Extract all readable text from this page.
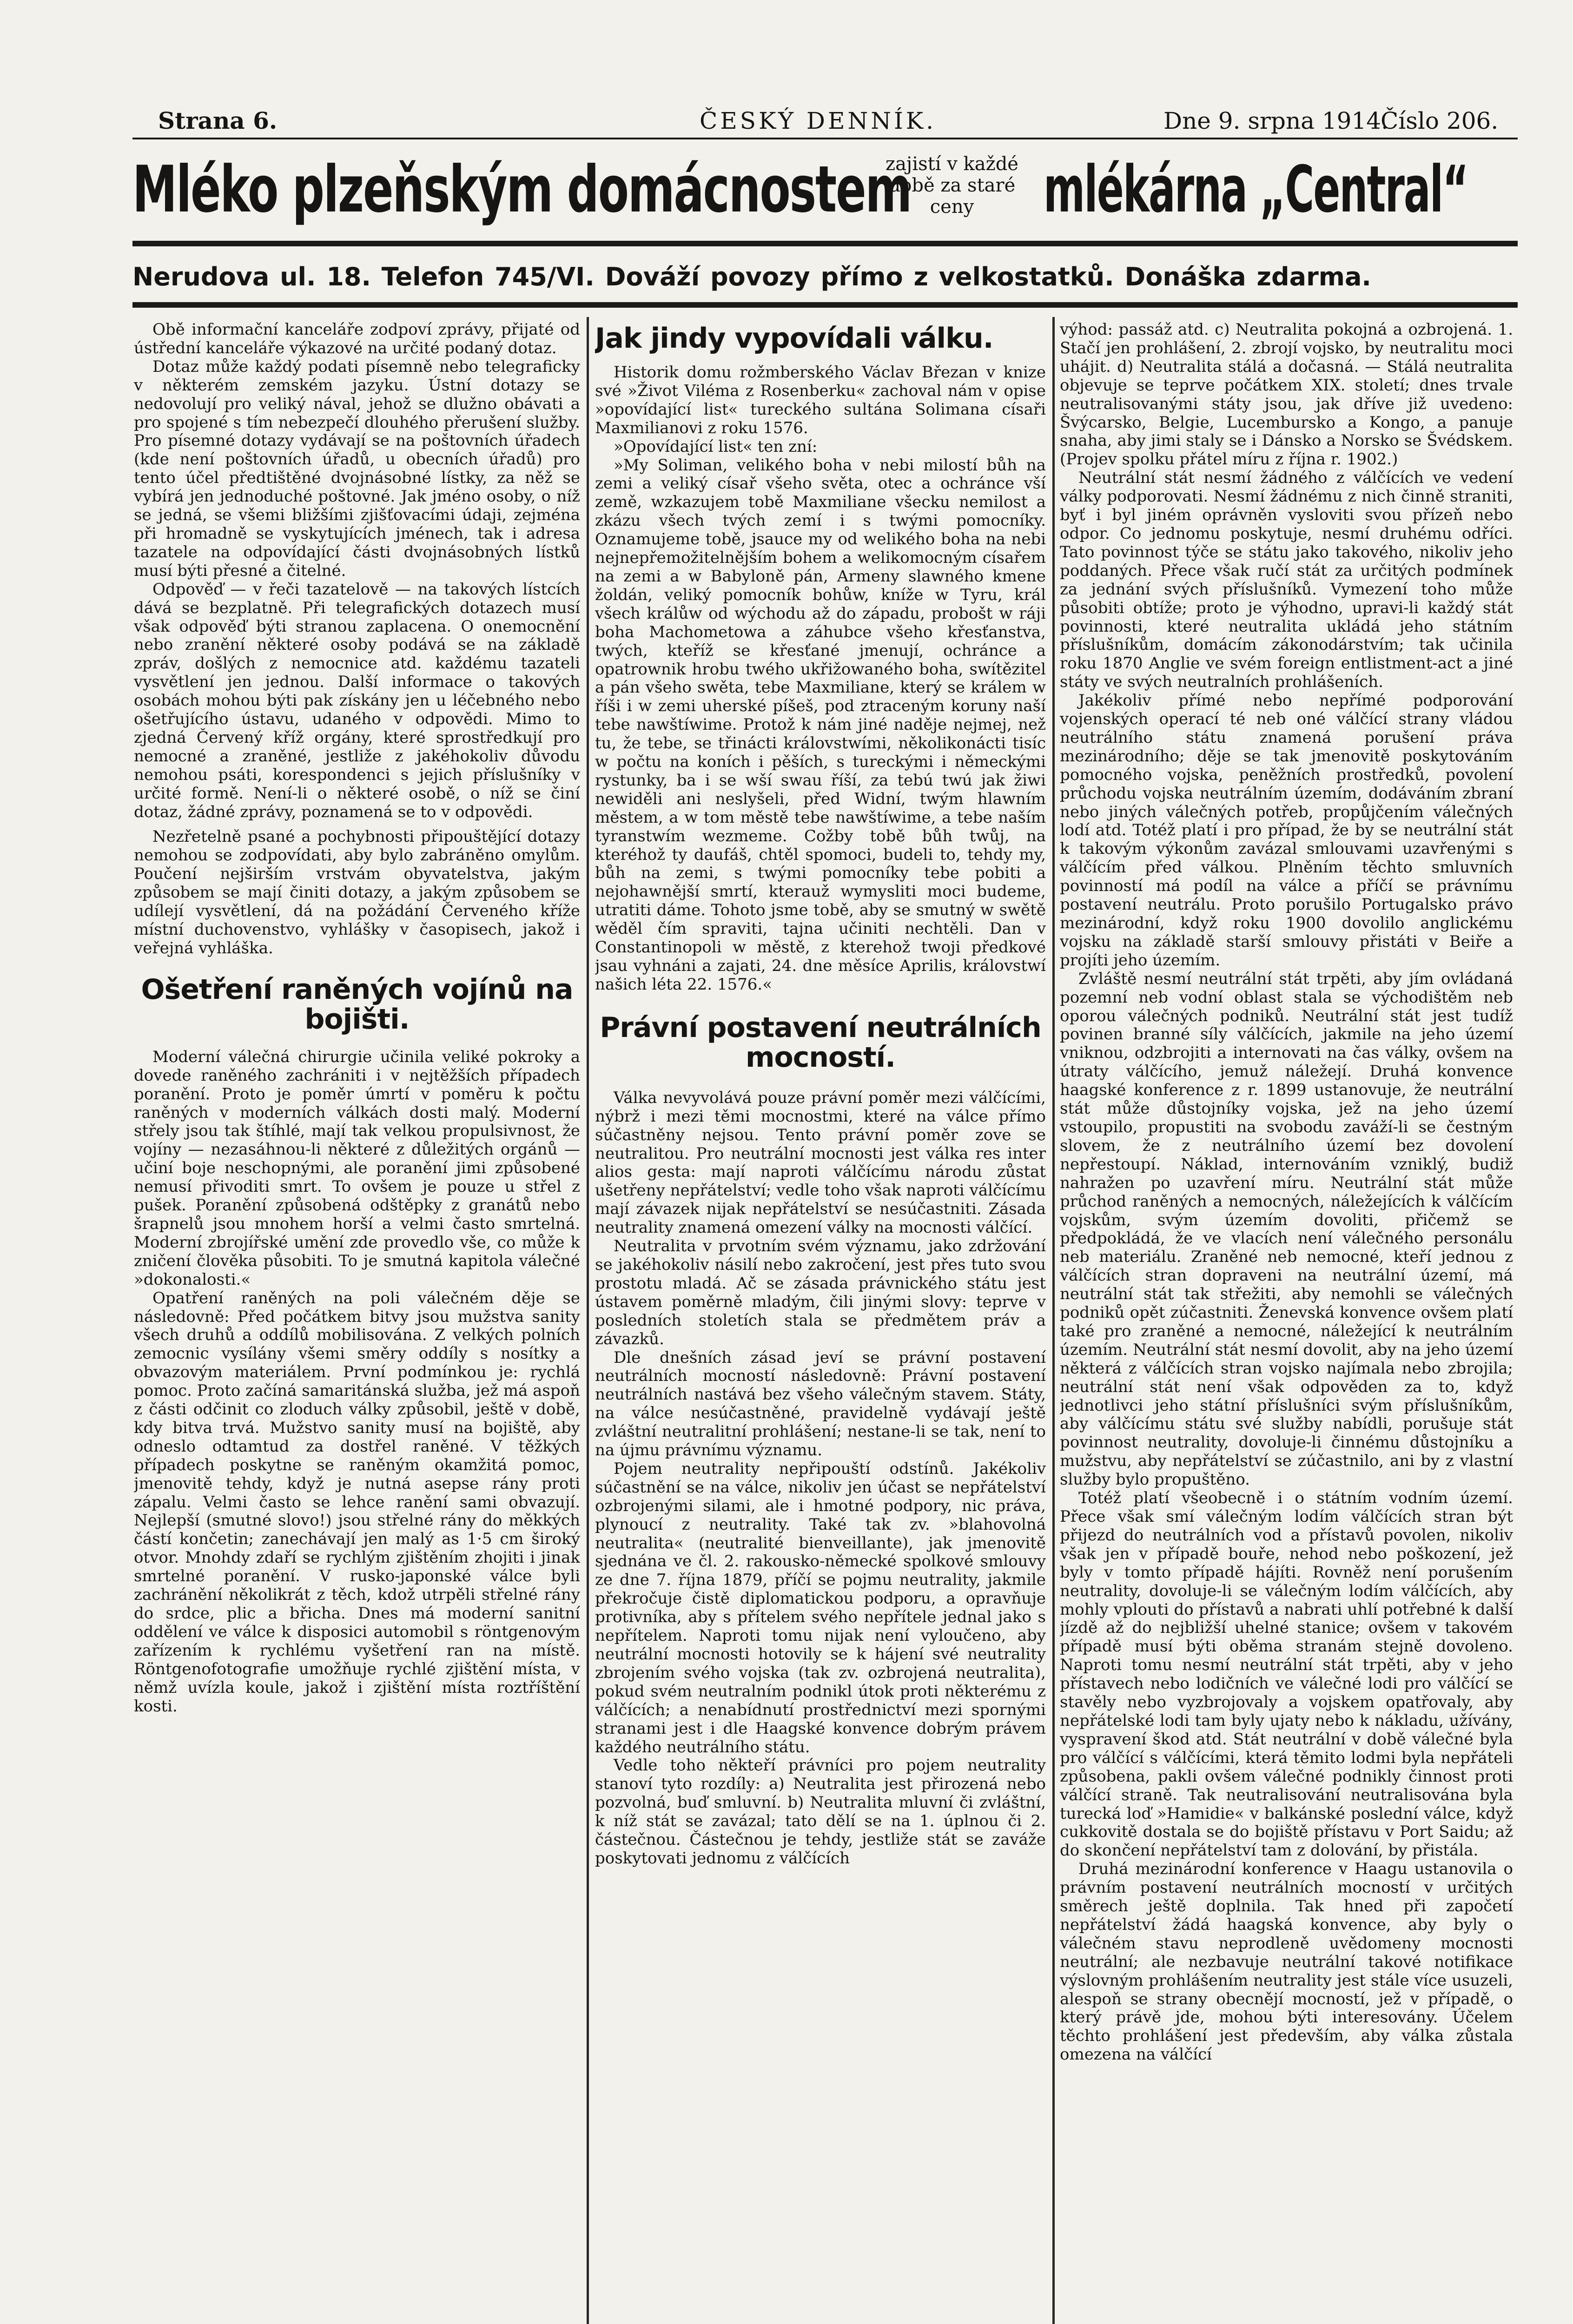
Strana 6.	ČESKÝ DENNÍK.	Dne 9. srpna 1914.
Číslo 206.
Mléko plzeňským domácnostem
zajistí v každé době za staré ceny	mlékárna „Central“
Nerudova ul. 18. Telefon 745/VI. Dováží povozy přímo z velkostatků. Donáška zdarma.

Obě informační kanceláře zodpoví zprávy, přijaté od ústřední kanceláře výkazové na určité podaný dotaz.

Dotaz může každý podati písemně nebo telegraficky v některém zemském jazyku. Ústní dotazy se nedovolují pro veliký nával, jehož se dlužno obávati a pro spojené s tím nebezpečí dlouhého přerušení služby. Pro písemné dotazy vydávají se na poštovních úřadech (kde není poštovních úřadů, u obecních úřadů) pro tento účel předtištěné dvojnásobné lístky, za něž se vybírá jen jednoduché poštovné. Jak jméno osoby, o níž se jedná, se všemi bližšími zjišťovacími údaji, zejména při hromadně se vyskytujících jménech, tak i adresa tazatele na odpovídající části dvojnásobných lístků musí býti přesné a čitelné.

Odpověď — v řeči tazatelově — na takových lístcích dává se bezplatně. Při telegrafických dotazech musí však odpověď býti stranou zaplacena. O onemocnění nebo zranění některé osoby podává se na základě zpráv, došlých z nemocnice atd. každému tazateli vysvětlení jen jednou. Další informace o takových osobách mohou býti pak získány jen u léčebného nebo ošetřujícího ústavu, udaného v odpovědi. Mimo to zjedná Červený kříž orgány, které sprostředkují pro nemocné a zraněné, jestliže z jakéhokoliv důvodu nemohou psáti, korespondenci s jejich příslušníky v určité formě. Není-li o některé osobě, o níž se činí dotaz, žádné zprávy, poznamená se to v odpovědi.

Nezřetelně psané a pochybnosti připouštějící dotazy nemohou se zodpovídati, aby bylo zabráněno omylům. Poučení nejširším vrstvám obyvatelstva, jakým způsobem se mají činiti dotazy, a jakým způsobem se udílejí vysvětlení, dá na požádání Červeného kříže místní duchovenstvo, vyhlášky v časopisech, jakož i veřejná vyhláška.

Ošetření raněných vojínů na bojišti.

Moderní válečná chirurgie učinila veliké pokroky a dovede raněného zachrániti i v nejtěžších případech poranění. Proto je poměr úmrtí v poměru k počtu raněných v moderních válkách dosti malý. Moderní střely jsou tak štíhlé, mají tak velkou propulsivnost, že vojíny — nezasáhnou-li některé z důležitých orgánů — učiní boje neschopnými, ale poranění jimi způsobené nemusí přivoditi smrt. To ovšem je pouze u střel z pušek. Poranění způsobená odštěpky z granátů nebo šrapnelů jsou mnohem horší a velmi často smrtelná. Moderní zbrojířské umění zde provedlo vše, co může k zničení člověka působiti. To je smutná kapitola válečné »dokonalosti.«

Opatření raněných na poli válečném děje se následovně: Před počátkem bitvy jsou mužstva sanity všech druhů a oddílů mobilisována. Z velkých polních zemocnic vysílány všemi směry oddíly s nosítky a obvazovým materiálem. První podmínkou je: rychlá pomoc. Proto začíná samaritánská služba, jež má aspoň z části odčinit co zloduch války způsobil, ještě v době, kdy bitva trvá. Mužstvo sanity musí na bojiště, aby odneslo odtamtud za dostřel raněné. V těžkých případech poskytne se raněným okamžitá pomoc, jmenovitě tehdy, když je nutná asepse rány proti zápalu. Velmi často se lehce ranění sami obvazují. Nejlepší (smutné slovo!) jsou střelné rány do měkkých částí končetin; zanechávají jen malý as 1·5 cm široký otvor. Mnohdy zdaří se rychlým zjištěním zhojiti i jinak smrtelné poranění. V rusko-japonské válce byli zachránění několikrát z těch, kdož utrpěli střelné rány do srdce, plic a břicha. Dnes má moderní sanitní oddělení ve válce k disposici automobil s röntgenovým zařízením k rychlému vyšetření ran na místě. Röntgenofotografie umožňuje rychlé zjištění místa, v němž uvízla koule, jakož i zjištění místa roztříštění kosti.

Jak jindy vypovídali válku.

Historik domu rožmberského Václav Březan v knize své »Život Viléma z Rosenberku« zachoval nám v opise »opovídající list« tureckého sultána Solimana císaři Maxmilianovi z roku 1576.

»Opovídající list« ten zní:

»My Soliman, velikého boha v nebi milostí bůh na zemi a veliký císař všeho světa, otec a ochránce vší země, wzkazujem tobě Maxmiliane všecku nemilost a zkázu všech tvých zemí i s twými pomocníky. Oznamujeme tobě, jsauce my od welikého boha na nebi nejnepřemožitelnějším bohem a welikomocným císařem na zemi a w Babyloně pán, Armeny slawného kmene žoldán, veliký pomocník bohůw, kníže w Tyru, král všech králůw od wýchodu až do západu, probošt w ráji boha Machometowa a záhubce všeho křesťanstva, twých, kteříž se křesťané jmenují, ochránce a opatrownik hrobu twého ukřižowaného boha, swítězitel a pán všeho swěta, tebe Maxmiliane, který se králem w říši i w zemi uherské píšeš, pod ztraceným koruny naší tebe nawštíwime. Protož k nám jiné naděje nejmej, než tu, že tebe, se třinácti královstwími, několikonácti tisíc w počtu na koních i pěších, s tureckými i německými rystunky, ba i se wší swau říší, za tebú twú jak žiwi newiděli ani neslyšeli, před Widní, twým hlawním městem, a w tom městě tebe nawštíwime, a tebe naším tyranstwím wezmeme. Cožby tobě bůh twůj, na kteréhož ty daufáš, chtěl spomoci, budeli to, tehdy my, bůh na zemi, s twými pomocníky tebe pobiti a nejohawnější smrtí, kterauž wymysliti moci budeme, utratiti dáme. Tohoto jsme tobě, aby se smutný w swětě wěděl čím spraviti, tajna učiniti nechtěli. Dan v Constantinopoli w městě, z kterehož twoji předkové jsau vyhnáni a zajati, 24. dne měsíce Aprilis, královstwí našich léta 22. 1576.«

Právní postavení neutrálních mocností.

Válka nevyvolává pouze právní poměr mezi válčícími, nýbrž i mezi těmi mocnostmi, které na válce přímo súčastněny nejsou. Tento právní poměr zove se neutralitou. Pro neutrální mocnosti jest válka res inter alios gesta: mají naproti válčícímu národu zůstat ušetřeny nepřátelství; vedle toho však naproti válčícímu mají závazek nijak nepřátelství se nesúčastniti. Zásada neutrality znamená omezení války na mocnosti válčící.

Neutralita v prvotním svém významu, jako zdržování se jakéhokoliv násilí nebo zakročení, jest přes tuto svou prostotu mladá. Ač se zásada právnického státu jest ústavem poměrně mladým, čili jinými slovy: teprve v posledních stoletích stala se předmětem práv a závazků.

Dle dnešních zásad jeví se právní postavení neutrálních mocností následovně: Právní postavení neutrálních nastává bez všeho válečným stavem. Státy, na válce nesúčastněné, pravidelně vydávají ještě zvláštní neutralitní prohlášení; nestane-li se tak, není to na újmu právnímu významu.

Pojem neutrality nepřipouští odstínů. Jakékoliv súčastnění se na válce, nikoliv jen účast se nepřátelství ozbrojenými silami, ale i hmotné podpory, nic práva, plynoucí z neutrality. Také tak zv. »blahovolná neutralita« (neutralité bienveillante), jak jmenovitě sjednána ve čl. 2. rakousko-německé spolkové smlouvy ze dne 7. října 1879, příčí se pojmu neutrality, jakmile překročuje čistě diplomatickou podporu, a opravňuje protivníka, aby s přítelem svého nepřítele jednal jako s nepřítelem. Naproti tomu nijak není vyloučeno, aby neutrální mocnosti hotovily se k hájení své neutrality zbrojením svého vojska (tak zv. ozbrojená neutralita), pokud svém neutralním podnikl útok proti některému z válčících; a nenabídnutí prostřednictví mezi spornými stranami jest i dle Haagské konvence dobrým právem každého neutrálního státu.

Vedle toho někteří právníci pro pojem neutrality stanoví tyto rozdíly: a) Neutralita jest přirozená nebo pozvolná, buď smluvní. b) Neutralita mluvní či zvláštní, k níž stát se zavázal; tato dělí se na 1. úplnou či 2. částečnou. Částečnou je tehdy, jestliže stát se zaváže poskytovati jednomu z válčících

výhod: passáž atd. c) Neutralita pokojná a ozbrojená. 1. Stačí jen prohlášení, 2. zbrojí vojsko, by neutralitu moci uhájit. d) Neutralita stálá a dočasná. — Stálá neutralita objevuje se teprve počátkem XIX. století; dnes trvale neutralisovanými státy jsou, jak dříve již uvedeno: Švýcarsko, Belgie, Lucembursko a Kongo, a panuje snaha, aby jimi staly se i Dánsko a Norsko se Švédskem. (Projev spolku přátel míru z října r. 1902.)

Neutrální stát nesmí žádného z válčících ve vedení války podporovati. Nesmí žádnému z nich činně straniti, byť i byl jiném oprávněn vysloviti svou přízeň nebo odpor. Co jednomu poskytuje, nesmí druhému odříci. Tato povinnost týče se státu jako takového, nikoliv jeho poddaných. Přece však ručí stát za určitých podmínek za jednání svých příslušníků. Vymezení toho může působiti obtíže; proto je výhodno, upravi-li každý stát povinnosti, které neutralita ukládá jeho státním příslušníkům, domácím zákonodárstvím; tak učinila roku 1870 Anglie ve svém foreign entlistment-act a jiné státy ve svých neutralních prohlášeních.

Jakékoliv přímé nebo nepřímé podporování vojenských operací té neb oné válčící strany vládou neutrálního státu znamená porušení práva mezinárodního; děje se tak jmenovitě poskytováním pomocného vojska, peněžních prostředků, povolení průchodu vojska neutrálním územím, dodáváním zbraní nebo jiných válečných potřeb, propůjčením válečných lodí atd. Totéž platí i pro případ, že by se neutrální stát k takovým výkonům zavázal smlouvami uzavřenými s válčícím před válkou. Plněním těchto smluvních povinností má podíl na válce a příčí se právnímu postavení neutrálu. Proto porušilo Portugalsko právo mezinárodní, když roku 1900 dovolilo anglickému vojsku na základě starší smlouvy přistáti v Beiře a projíti jeho územím.

Zvláště nesmí neutrální stát trpěti, aby jím ovládaná pozemní neb vodní oblast stala se východištěm neb oporou válečných podniků. Neutrální stát jest tudíž povinen branné síly válčících, jakmile na jeho území vniknou, odzbrojiti a internovati na čas války, ovšem na útraty válčícího, jemuž náležejí. Druhá konvence haagské konference z r. 1899 ustanovuje, že neutrální stát může důstojníky vojska, jež na jeho území vstoupilo, propustiti na svobodu zaváží-li se čestným slovem, že z neutrálního území bez dovolení nepřestoupí. Náklad, internováním vzniklý, budiž nahražen po uzavření míru. Neutrální stát může průchod raněných a nemocných, náležejících k válčícím vojskům, svým územím dovoliti, přičemž se předpokládá, že ve vlacích není válečného personálu neb materiálu. Zraněné neb nemocné, kteří jednou z válčících stran dopraveni na neutrální území, má neutrální stát tak střežiti, aby nemohli se válečných podniků opět zúčastniti. Ženevská konvence ovšem platí také pro zraněné a nemocné, náležející k neutrálním územím. Neutrální stát nesmí dovolit, aby na jeho území některá z válčících stran vojsko najímala nebo zbrojila; neutrální stát není však odpověden za to, když jednotlivci jeho státní příslušníci svým příslušníkům, aby válčícímu státu své služby nabídli, porušuje stát povinnost neutrality, dovoluje-li činnému důstojníku a mužstvu, aby nepřátelství se zúčastnilo, ani by z vlastní služby bylo propuštěno.

Totéž platí všeobecně i o státním vodním území. Přece však smí válečným lodím válčících stran být přijezd do neutrálních vod a přístavů povolen, nikoliv však jen v případě bouře, nehod nebo poškození, jež byly v tomto případě hájíti. Rovněž není porušením neutrality, dovoluje-li se válečným lodím válčících, aby mohly vplouti do přístavů a nabrati uhlí potřebné k další jízdě až do nejbližší uhelné stanice; ovšem v takovém případě musí býti oběma stranám stejně dovoleno. Naproti tomu nesmí neutrální stát trpěti, aby v jeho přístavech nebo lodičních ve válečné lodi pro válčící se stavěly nebo vyzbrojovaly a vojskem opatřovaly, aby nepřátelské lodi tam byly ujaty nebo k nákladu, užívány, vyspravení škod atd. Stát neutrální v době válečné byla pro válčící s válčícími, která těmito lodmi byla nepřáteli způsobena, pakli ovšem válečné podnikly činnost proti válčící straně. Tak neutralisování neutralisována byla turecká loď »Hamidie« v balkánské poslední válce, když cukkovitě dostala se do bojiště přístavu v Port Saidu; až do skončení nepřátelství tam z dolování, by přistála.

Druhá mezinárodní konference v Haagu ustanovila o právním postavení neutrálních mocností v určitých směrech ještě doplnila. Tak hned při započetí nepřátelství žádá haagská konvence, aby byly o válečném stavu neprodleně uvědomeny mocnosti neutrální; ale nezbavuje neutrální takové notifikace výslovným prohlášením neutrality jest stále více usuzeli, alespoň se strany obecnějí mocností, jež v případě, o který právě jde, mohou býti interesovány. Účelem těchto prohlášení jest především, aby válka zůstala omezena na válčící
